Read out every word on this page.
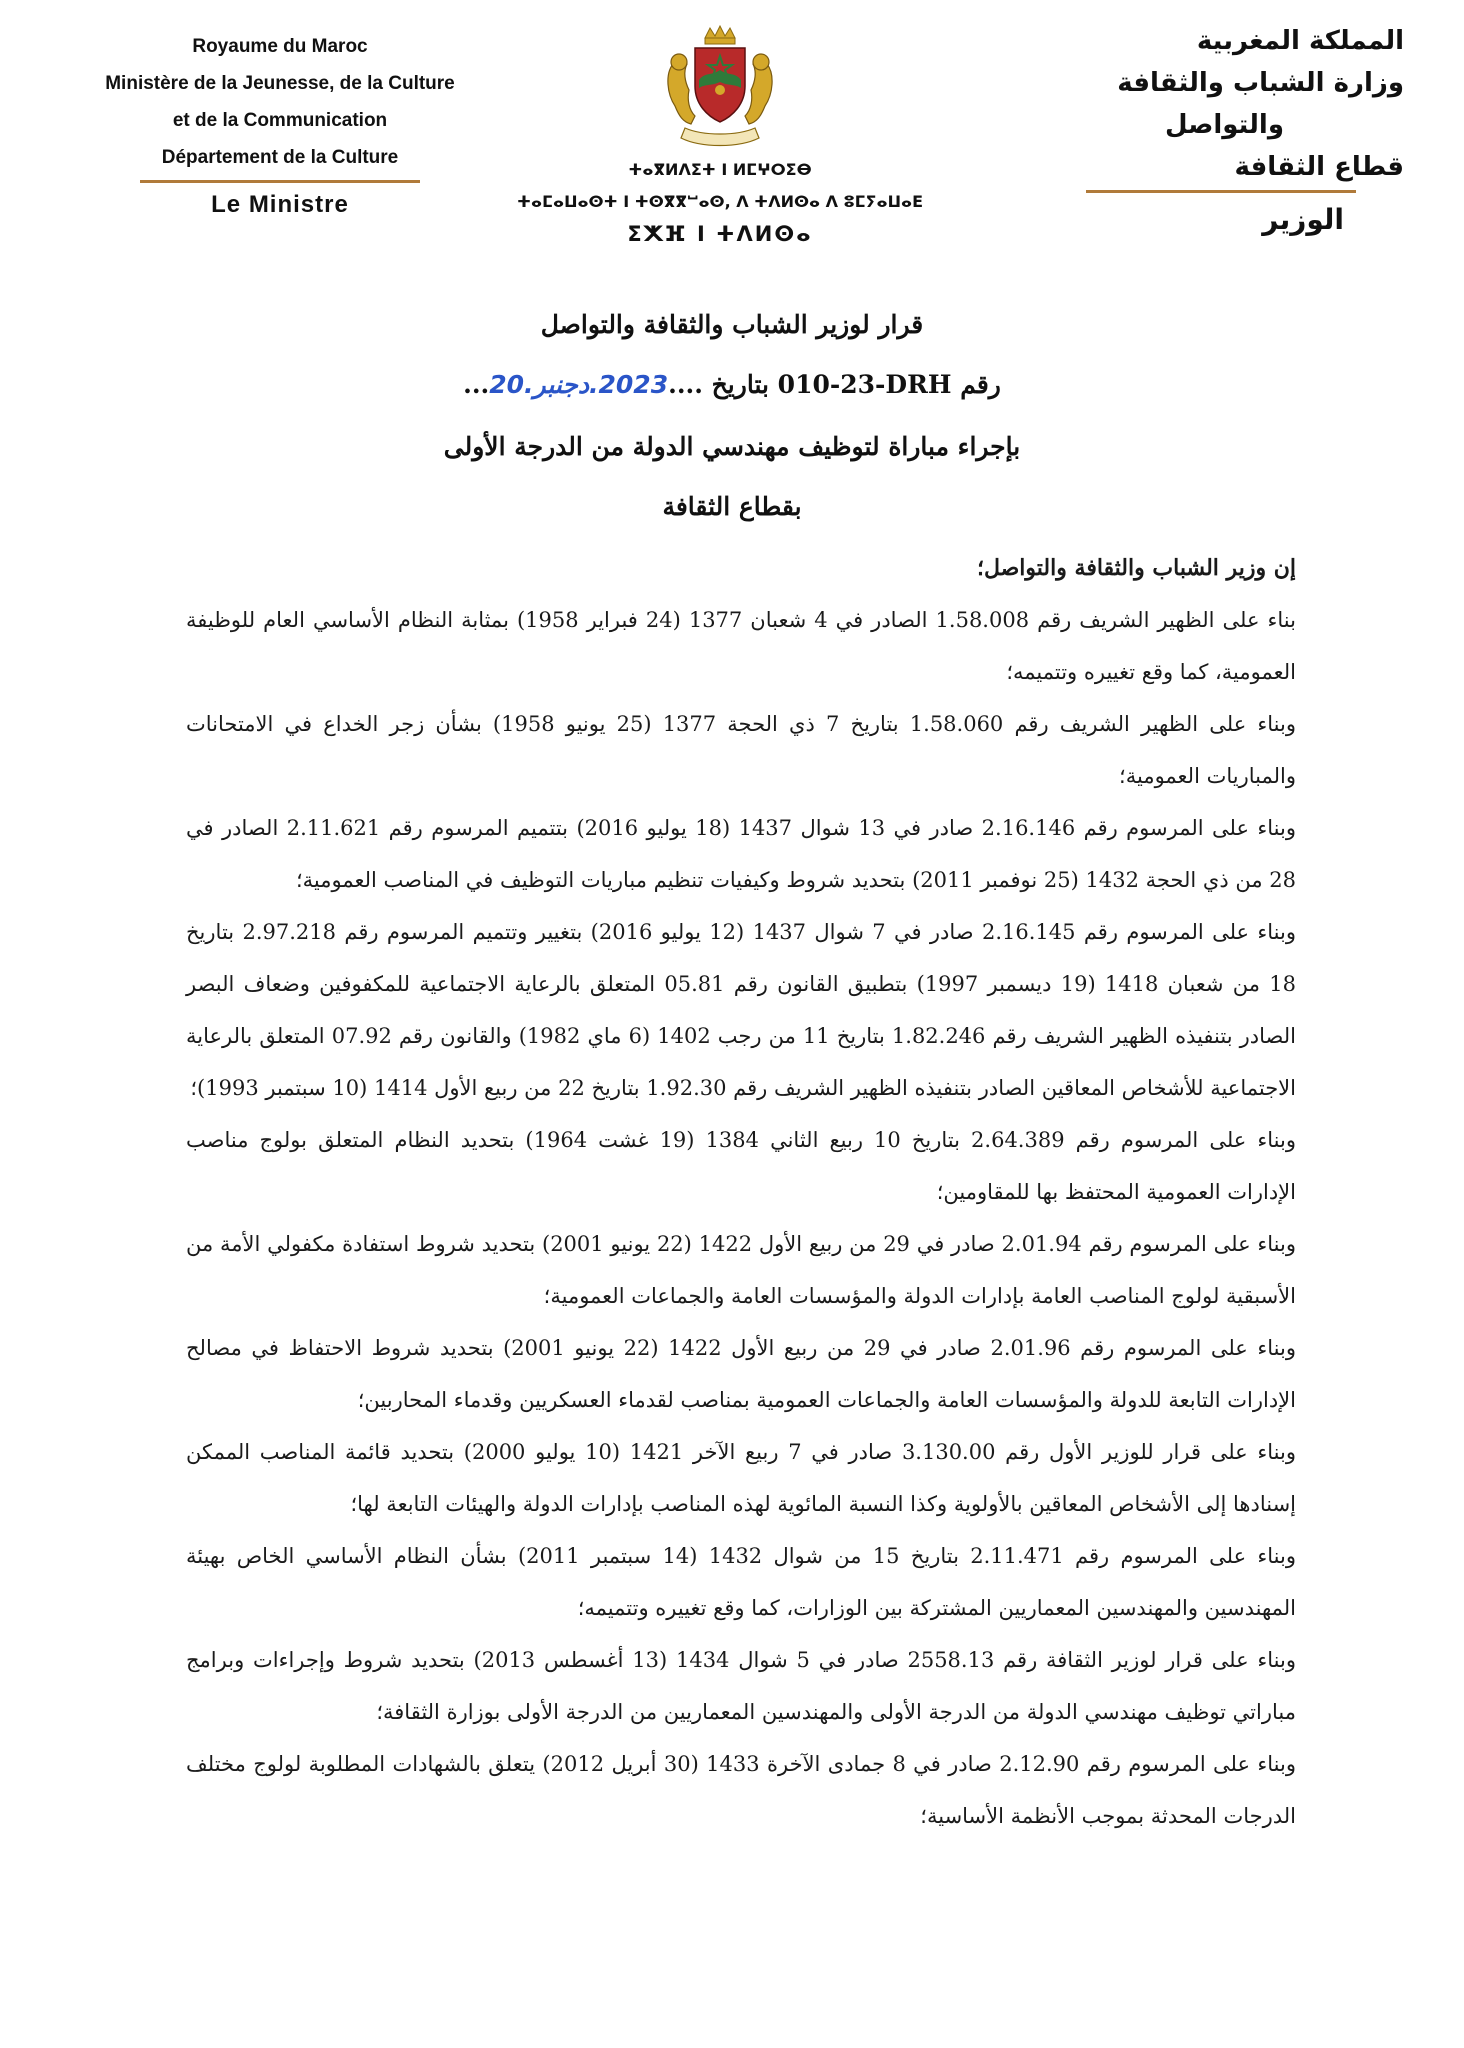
Royaume du Maroc
Ministère de la Jeunesse, de la Culture
et de la Communication
Département de la Culture
Le Ministre
ⵜⴰⴳⵍⴷⵉⵜ ⵏ ⵍⵎⵖⵔⵉⴱ
ⵜⴰⵎⴰⵡⴰⵙⵜ ⵏ ⵜⵙⴳⴳⵯⴰⵙ, ⴷ ⵜⴷⵍⵙⴰ ⴷ ⵓⵎⵢⴰⵡⴰⴹ
ⵉⵅⴼ ⵏ ⵜⴷⵍⵙⴰ
المملكة المغربية
وزارة الشباب والثقافة
والتواصل
قطاع الثقافة
الوزير
قرار لوزير الشباب والثقافة والتواصل
رقم 010-23-DRH بتاريخ ....2023.دجنبر.20...
بإجراء مباراة لتوظيف مهندسي الدولة من الدرجة الأولى
بقطاع الثقافة

إن وزير الشباب والثقافة والتواصل؛

بناء على الظهير الشريف رقم 1.58.008 الصادر في 4 شعبان 1377 (24 فبراير 1958) بمثابة النظام الأساسي العام للوظيفة العمومية، كما وقع تغييره وتتميمه؛

وبناء على الظهير الشريف رقم 1.58.060 بتاريخ 7 ذي الحجة 1377 (25 يونيو 1958) بشأن زجر الخداع في الامتحانات والمباريات العمومية؛

وبناء على المرسوم رقم 2.16.146 صادر في 13 شوال 1437 (18 يوليو 2016) بتتميم المرسوم رقم 2.11.621 الصادر في 28 من ذي الحجة 1432 (25 نوفمبر 2011) بتحديد شروط وكيفيات تنظيم مباريات التوظيف في المناصب العمومية؛

وبناء على المرسوم رقم 2.16.145 صادر في 7 شوال 1437 (12 يوليو 2016) بتغيير وتتميم المرسوم رقم 2.97.218 بتاريخ 18 من شعبان 1418 (19 ديسمبر 1997) بتطبيق القانون رقم 05.81 المتعلق بالرعاية الاجتماعية للمكفوفين وضعاف البصر الصادر بتنفيذه الظهير الشريف رقم 1.82.246 بتاريخ 11 من رجب 1402 (6 ماي 1982) والقانون رقم 07.92 المتعلق بالرعاية الاجتماعية للأشخاص المعاقين الصادر بتنفيذه الظهير الشريف رقم 1.92.30 بتاريخ 22 من ربيع الأول 1414 (10 سبتمبر 1993)؛

وبناء على المرسوم رقم 2.64.389 بتاريخ 10 ربيع الثاني 1384 (19 غشت 1964) بتحديد النظام المتعلق بولوج مناصب الإدارات العمومية المحتفظ بها للمقاومين؛

وبناء على المرسوم رقم 2.01.94 صادر في 29 من ربيع الأول 1422 (22 يونيو 2001) بتحديد شروط استفادة مكفولي الأمة من الأسبقية لولوج المناصب العامة بإدارات الدولة والمؤسسات العامة والجماعات العمومية؛

وبناء على المرسوم رقم 2.01.96 صادر في 29 من ربيع الأول 1422 (22 يونيو 2001) بتحديد شروط الاحتفاظ في مصالح الإدارات التابعة للدولة والمؤسسات العامة والجماعات العمومية بمناصب لقدماء العسكريين وقدماء المحاربين؛

وبناء على قرار للوزير الأول رقم 3.130.00 صادر في 7 ربيع الآخر 1421 (10 يوليو 2000) بتحديد قائمة المناصب الممكن إسنادها إلى الأشخاص المعاقين بالأولوية وكذا النسبة المائوية لهذه المناصب بإدارات الدولة والهيئات التابعة لها؛

وبناء على المرسوم رقم 2.11.471 بتاريخ 15 من شوال 1432 (14 سبتمبر 2011) بشأن النظام الأساسي الخاص بهيئة المهندسين والمهندسين المعماريين المشتركة بين الوزارات، كما وقع تغييره وتتميمه؛

وبناء على قرار لوزير الثقافة رقم 2558.13 صادر في 5 شوال 1434 (13 أغسطس 2013) بتحديد شروط وإجراءات وبرامج مباراتي توظيف مهندسي الدولة من الدرجة الأولى والمهندسين المعماريين من الدرجة الأولى بوزارة الثقافة؛

وبناء على المرسوم رقم 2.12.90 صادر في 8 جمادى الآخرة 1433 (30 أبريل 2012) يتعلق بالشهادات المطلوبة لولوج مختلف الدرجات المحدثة بموجب الأنظمة الأساسية؛
